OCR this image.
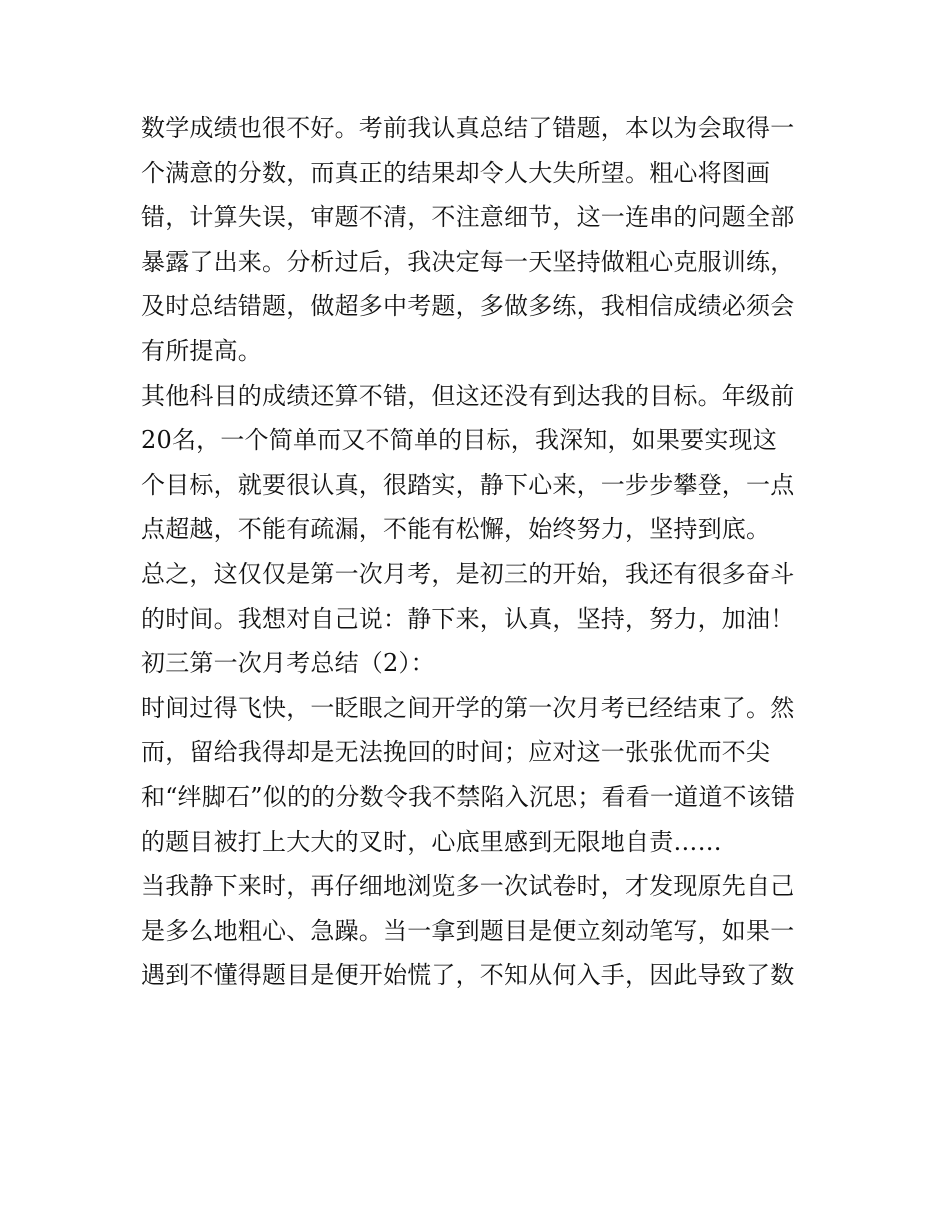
数学成绩也很不好。考前我认真总结了错题，本以为会取得一
个满意的分数，而真正的结果却令人大失所望。粗心将图画
错，计算失误，审题不清，不注意细节，这一连串的问题全部
暴露了出来。分析过后，我决定每一天坚持做粗心克服训练，
及时总结错题，做超多中考题，多做多练，我相信成绩必须会
有所提高。
其他科目的成绩还算不错，但这还没有到达我的目标。年级前
20名，一个简单而又不简单的目标，我深知，如果要实现这
个目标，就要很认真，很踏实，静下心来，一步步攀登，一点
点超越，不能有疏漏，不能有松懈，始终努力，坚持到底。
总之，这仅仅是第一次月考，是初三的开始，我还有很多奋斗
的时间。我想对自己说：静下来，认真，坚持，努力，加油！
初三第一次月考总结（2）：
时间过得飞快，一眨眼之间开学的第一次月考已经结束了。然
而，留给我得却是无法挽回的时间；应对这一张张优而不尖
和“绊脚石”似的的分数令我不禁陷入沉思；看看一道道不该错
的题目被打上大大的叉时，心底里感到无限地自责……
当我静下来时，再仔细地浏览多一次试卷时，才发现原先自己
是多么地粗心、急躁。当一拿到题目是便立刻动笔写，如果一
遇到不懂得题目是便开始慌了，不知从何入手，因此导致了数
